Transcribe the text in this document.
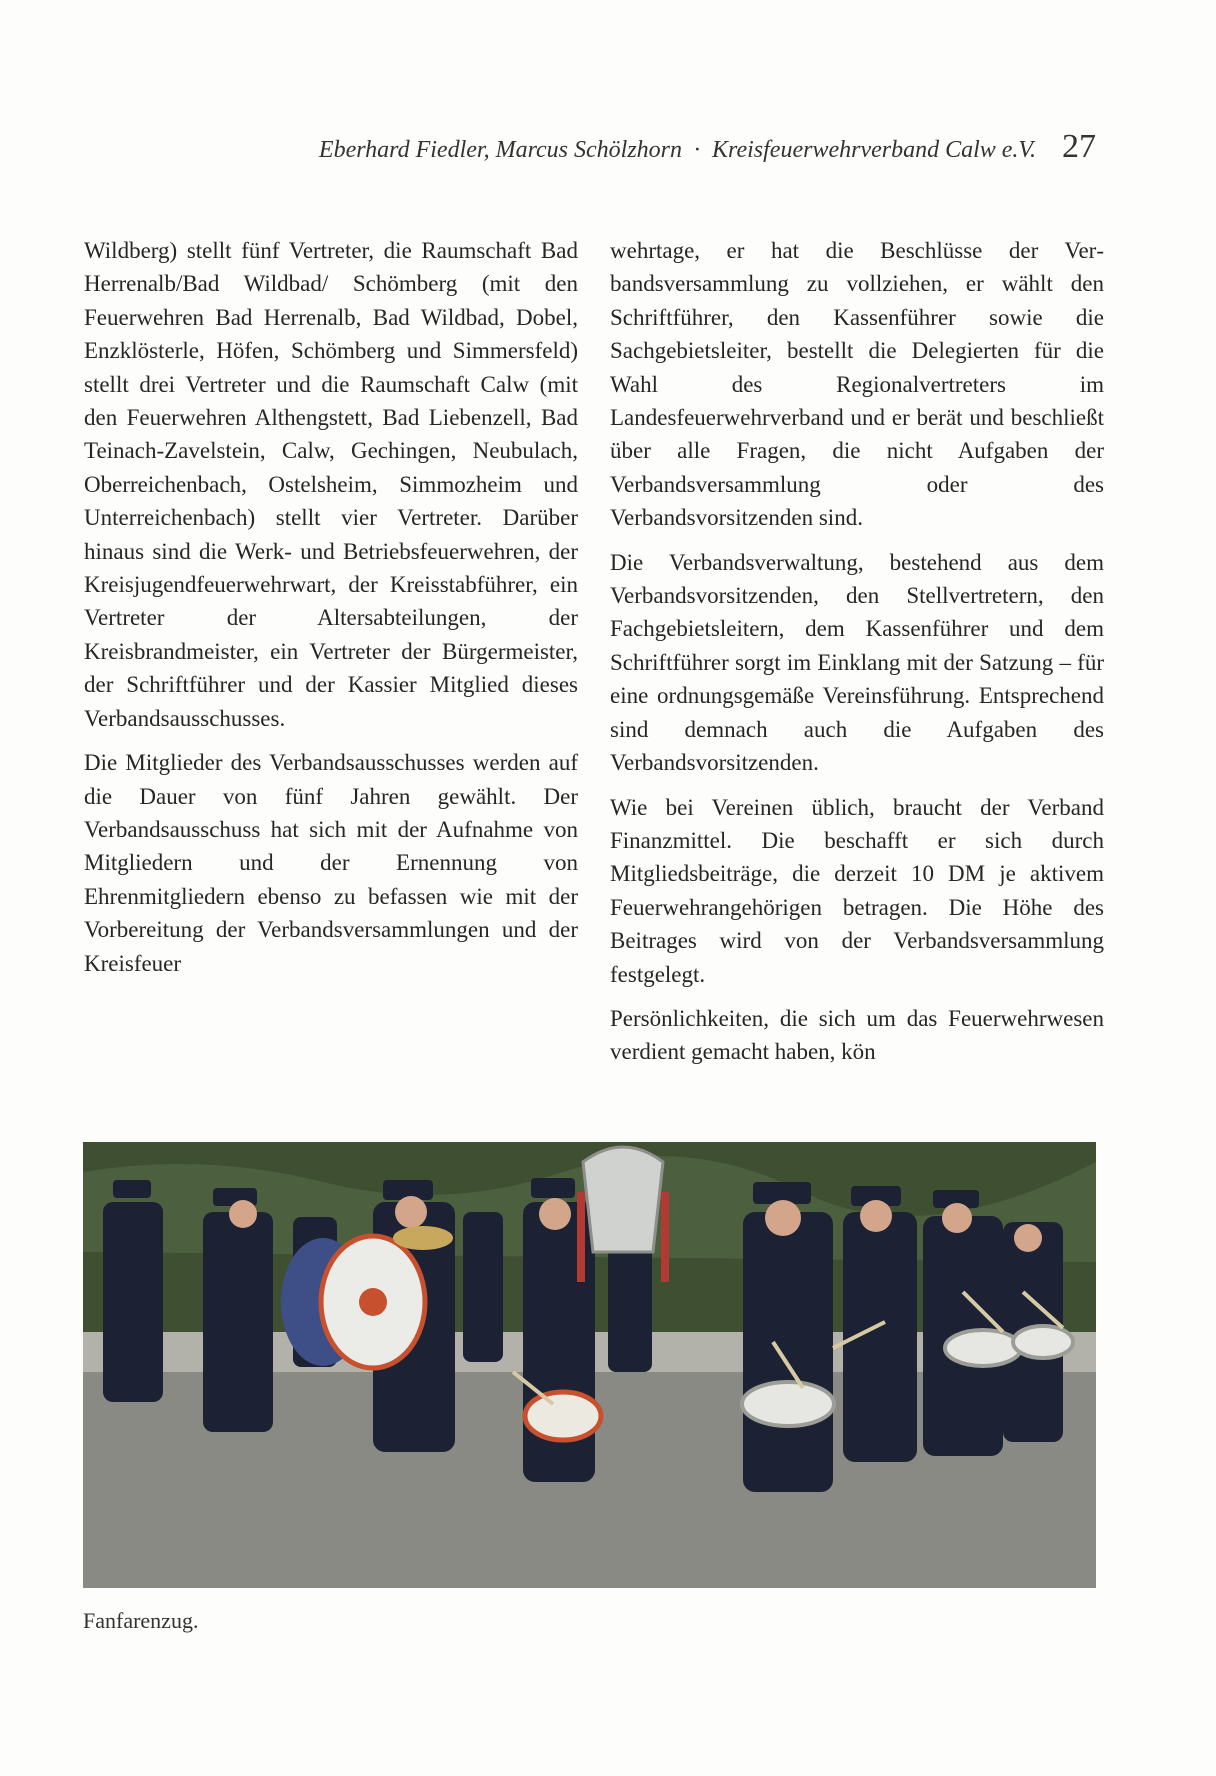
Eberhard Fiedler, Marcus Schölzhorn · Kreisfeuerwehrverband Calw e.V. 27

Wildberg) stellt fünf Vertreter, die Raumschaft Bad Herrenalb/Bad Wildbad/ Schömberg (mit den Feuerwehren Bad Herrenalb, Bad Wildbad, Dobel, Enzklösterle, Höfen, Schömberg und Simmersfeld) stellt drei Vertreter und die Raumschaft Calw (mit den Feuerwehren Althengstett, Bad Liebenzell, Bad Teinach-Zavelstein, Calw, Gechingen, Neubulach, Oberreichenbach, Ostelsheim, Simmozheim und Unterreichenbach) stellt vier Vertreter. Darüber hinaus sind die Werk- und Betriebsfeuerwehren, der Kreisjugendfeuerwehrwart, der Kreisstabführer, ein Vertreter der Altersabteilungen, der Kreisbrandmeister, ein Vertreter der Bürgermeister, der Schriftführer und der Kassier Mitglied dieses Verbandsausschusses.

Die Mitglieder des Verbandsausschusses werden auf die Dauer von fünf Jahren gewählt. Der Verbandsausschuss hat sich mit der Aufnahme von Mitgliedern und der Ernennung von Ehrenmitgliedern ebenso zu befassen wie mit der Vorbereitung der Verbandsversammlungen und der Kreisfeuer

wehrtage, er hat die Beschlüsse der Verbandsversammlung zu vollziehen, er wählt den Schriftführer, den Kassenführer sowie die Sachgebietsleiter, bestellt die Delegierten für die Wahl des Regionalvertreters im Landesfeuerwehrverband und er berät und beschließt über alle Fragen, die nicht Aufgaben der Verbandsversammlung oder des Verbandsvorsitzenden sind.

Die Verbandsverwaltung, bestehend aus dem Verbandsvorsitzenden, den Stellvertretern, den Fachgebietsleitern, dem Kassenführer und dem Schriftführer sorgt im Einklang mit der Satzung – für eine ordnungsgemäße Vereinsführung. Entsprechend sind demnach auch die Aufgaben des Verbandsvorsitzenden.

Wie bei Vereinen üblich, braucht der Verband Finanzmittel. Die beschafft er sich durch Mitgliedsbeiträge, die derzeit 10 DM je aktivem Feuerwehrangehörigen betragen. Die Höhe des Beitrages wird von der Verbandsversammlung festgelegt.

Persönlichkeiten, die sich um das Feuerwehrwesen verdient gemacht haben, kön

Fanfarenzug.
